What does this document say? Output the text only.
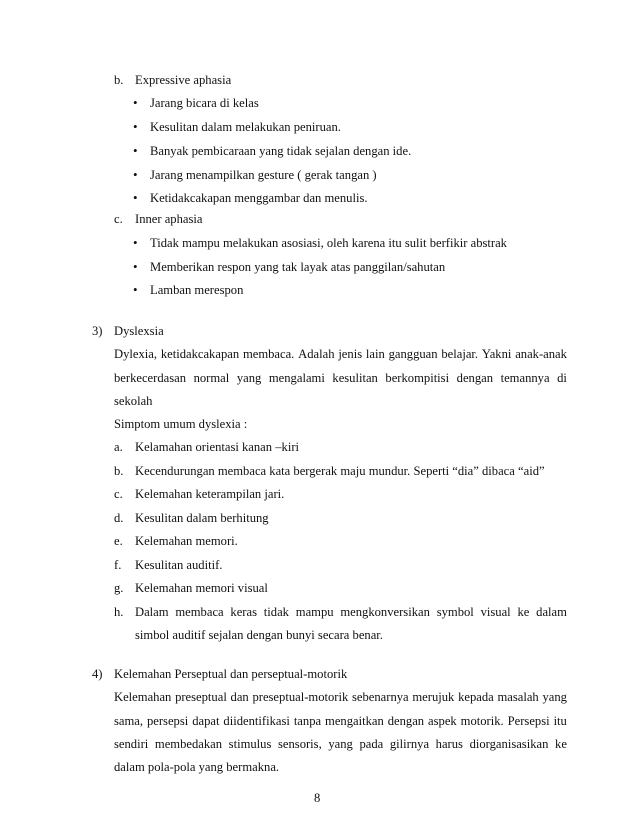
b. Expressive aphasia
•
Jarang bicara di kelas
•
Kesulitan dalam melakukan peniruan.
•
Banyak pembicaraan yang tidak sejalan dengan ide.
•
Jarang menampilkan gesture ( gerak tangan )
•
Ketidakcakapan menggambar dan menulis.
c. Inner aphasia
•
Tidak mampu melakukan asosiasi, oleh karena itu sulit berfikir abstrak
•
Memberikan respon yang tak layak atas panggilan/sahutan
•
Lamban merespon
3) Dyslexsia
Dylexia, ketidakcakapan membaca. Adalah jenis lain gangguan belajar. Yakni anak-anak
berkecerdasan normal yang mengalami kesulitan berkompitisi dengan temannya di
sekolah
Simptom umum dyslexia :
a. Kelamahan orientasi kanan –kiri
b. Kecendurungan membaca kata bergerak maju mundur. Seperti “dia” dibaca “aid”
c. Kelemahan keterampilan jari.
d. Kesulitan dalam berhitung
e. Kelemahan memori.
f. Kesulitan auditif.
g. Kelemahan memori visual
h. Dalam membaca keras tidak mampu mengkonversikan symbol visual ke dalam
simbol auditif sejalan dengan bunyi secara benar.
4) Kelemahan Perseptual dan perseptual-motorik
Kelemahan preseptual dan preseptual-motorik sebenarnya merujuk kepada masalah yang
sama, persepsi dapat diidentifikasi tanpa mengaitkan dengan aspek motorik. Persepsi itu
sendiri membedakan stimulus sensoris, yang pada gilirnya harus diorganisasikan ke
dalam pola-pola yang bermakna.
8
